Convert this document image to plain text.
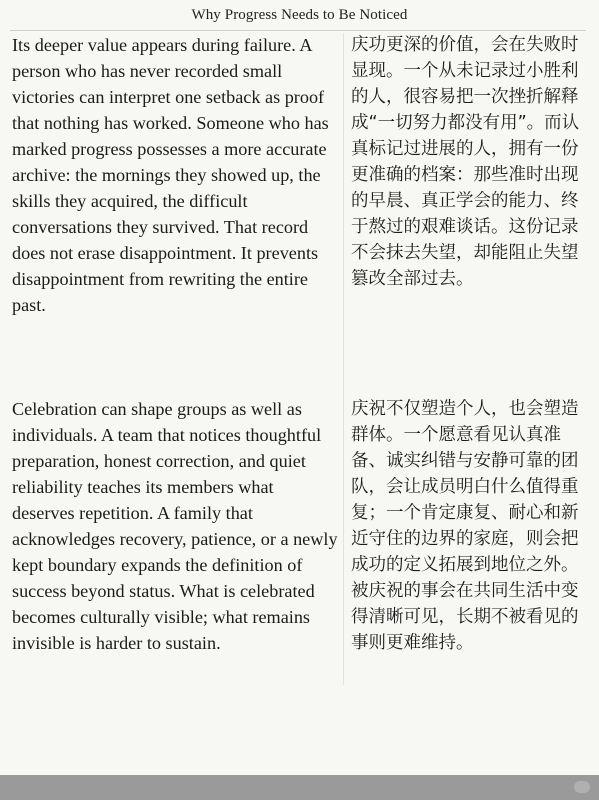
Why Progress Needs to Be Noticed

Its deeper value appears during failure. A person who has never recorded small victories can interpret one setback as proof that nothing has worked. Someone who has marked progress possesses a more accurate archive: the mornings they showed up, the skills they acquired, the difficult conversations they survived. That record does not erase disappointment. It prevents disappointment from rewriting the entire past.

庆功更深的价值，会在失败时显现。一个从未记录过小胜利的人，很容易把一次挫折解释成“一切努力都没有用”。而认真标记过进展的人，拥有一份更准确的档案：那些准时出现的早晨、真正学会的能力、终于熬过的艰难谈话。这份记录不会抹去失望，却能阻止失望篡改全部过去。

Celebration can shape groups as well as individuals. A team that notices thoughtful preparation, honest correction, and quiet reliability teaches its members what deserves repetition. A family that acknowledges recovery, patience, or a newly kept boundary expands the definition of success beyond status. What is celebrated becomes culturally visible; what remains invisible is harder to sustain.

庆祝不仅塑造个人，也会塑造群体。一个愿意看见认真准备、诚实纠错与安静可靠的团队，会让成员明白什么值得重复；一个肯定康复、耐心和新近守住的边界的家庭，则会把成功的定义拓展到地位之外。被庆祝的事会在共同生活中变得清晰可见，长期不被看见的事则更难维持。
